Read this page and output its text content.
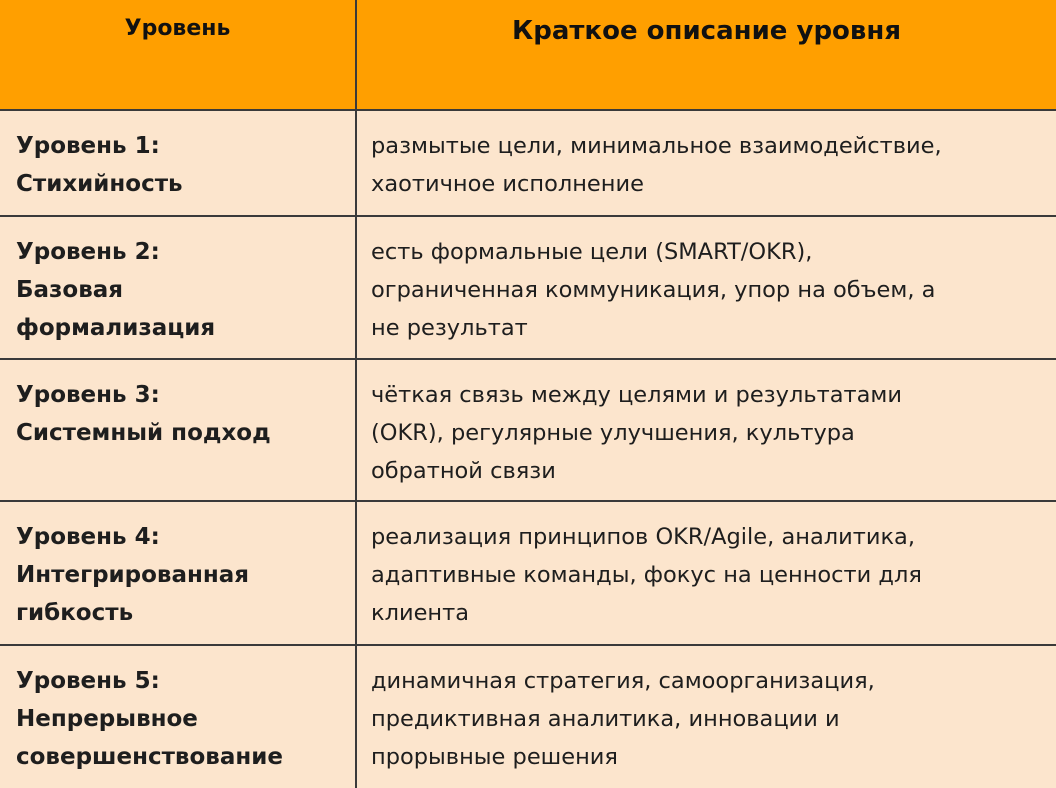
Уровень	Краткое описание уровня

Уровень 1:
Стихийность	размытые цели, минимальное взаимодействие,
хаотичное исполнение

Уровень 2:
Базовая
формализация	есть формальные цели (SMART/OKR),
ограниченная коммуникация, упор на объем, а
не результат

Уровень 3:
Системный подход	чёткая связь между целями и результатами
(OKR), регулярные улучшения, культура
обратной связи

Уровень 4:
Интегрированная
гибкость	реализация принципов OKR/Agile, аналитика,
адаптивные команды, фокус на ценности для
клиента

Уровень 5:
Непрерывное
совершенствование	динамичная стратегия, самоорганизация,
предиктивная аналитика, инновации и
прорывные решения
